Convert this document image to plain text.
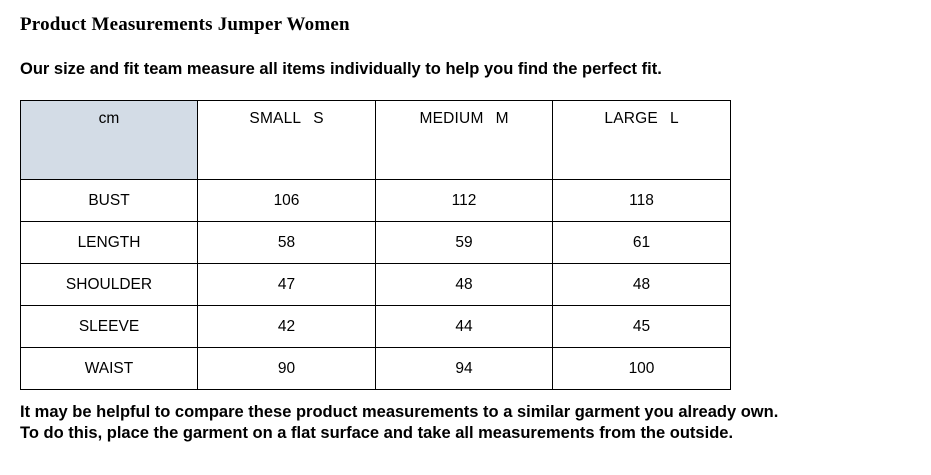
Product Measurements Jumper Women
Our size and fit team measure all items individually to help you find the perfect fit.
cm	SMALL S	MEDIUM M	LARGE L
BUST	106	112	118
LENGTH	58	59	61
SHOULDER	47	48	48
SLEEVE	42	44	45
WAIST	90	94	100
It may be helpful to compare these product measurements to a similar garment you already own.
To do this, place the garment on a flat surface and take all measurements from the outside.
